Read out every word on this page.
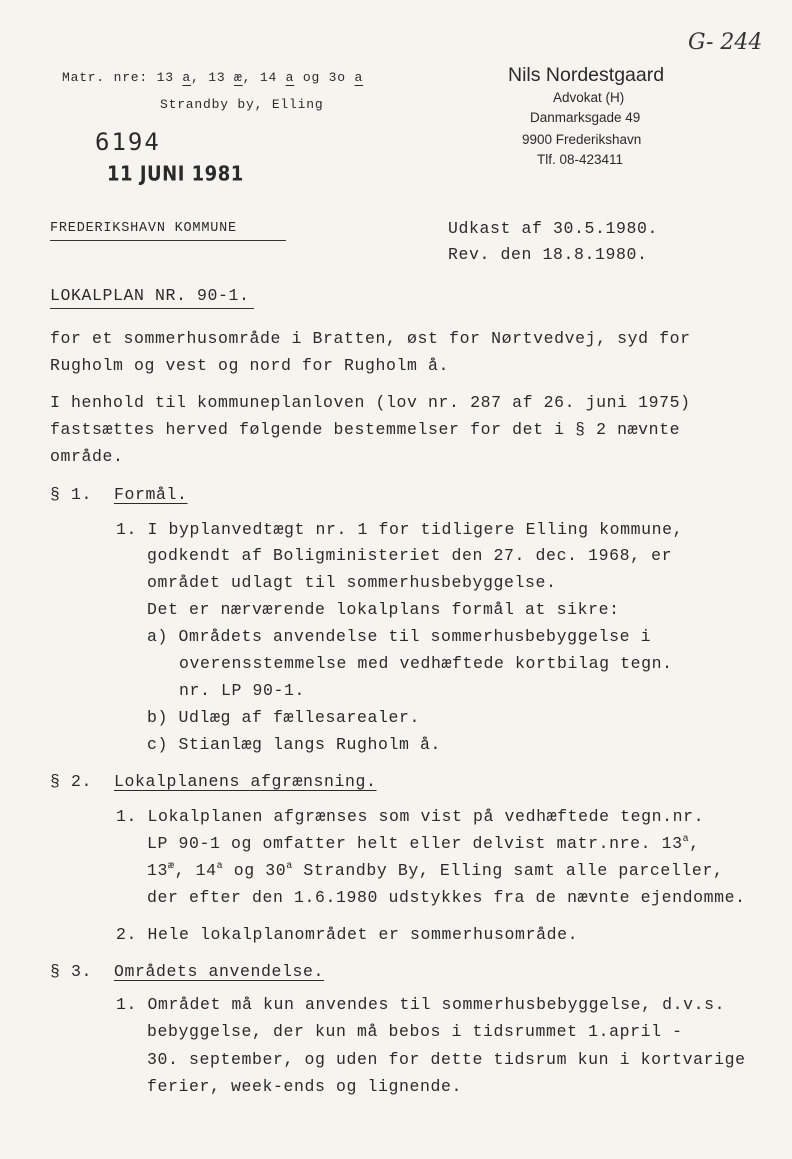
G- 244
Matr. nre: 13 a, 13 æ, 14 a og 3o a
Strandby by, Elling
6194
11 JUNI 1981
Nils Nordestgaard
Advokat (H)
Danmarksgade 49
9900 Frederikshavn
Tlf. 08-423411
FREDERIKSHAVN KOMMUNE	Udkast af 30.5.1980.
Rev. den 18.8.1980.
LOKALPLAN NR. 90-1.
for et sommerhusområde i Bratten, øst for Nørtvedvej, syd for
Rugholm og vest og nord for Rugholm å.
I henhold til kommuneplanloven (lov nr. 287 af 26. juni 1975)
fastsættes herved følgende bestemmelser for det i § 2 nævnte
område.
§ 1. Formål.
1. I byplanvedtægt nr. 1 for tidligere Elling kommune,
godkendt af Boligministeriet den 27. dec. 1968, er
området udlagt til sommerhusbebyggelse.
Det er nærværende lokalplans formål at sikre:
a) Områdets anvendelse til sommerhusbebyggelse i
overensstemmelse med vedhæftede kortbilag tegn.
nr. LP 90-1.
b) Udlæg af fællesarealer.
c) Stianlæg langs Rugholm å.
§ 2. Lokalplanens afgrænsning.
1. Lokalplanen afgrænses som vist på vedhæftede tegn.nr.
LP 90-1 og omfatter helt eller delvist matr.nre. 13$^a$,
$13^æ$, 14$^a$ og 30$^a$ Strandby By, Elling samt alle parceller,
der efter den 1.6.1980 udstykkes fra de nævnte ejendomme.
2. Hele lokalplanområdet er sommerhusområde.
§ 3. Områdets anvendelse.
1. Området må kun anvendes til sommerhusbebyggelse, d.v.s.
bebyggelse, der kun må bebos i tidsrummet 1.april -
30. september, og uden for dette tidsrum kun i kortvarige
ferier, week-ends og lignende.
